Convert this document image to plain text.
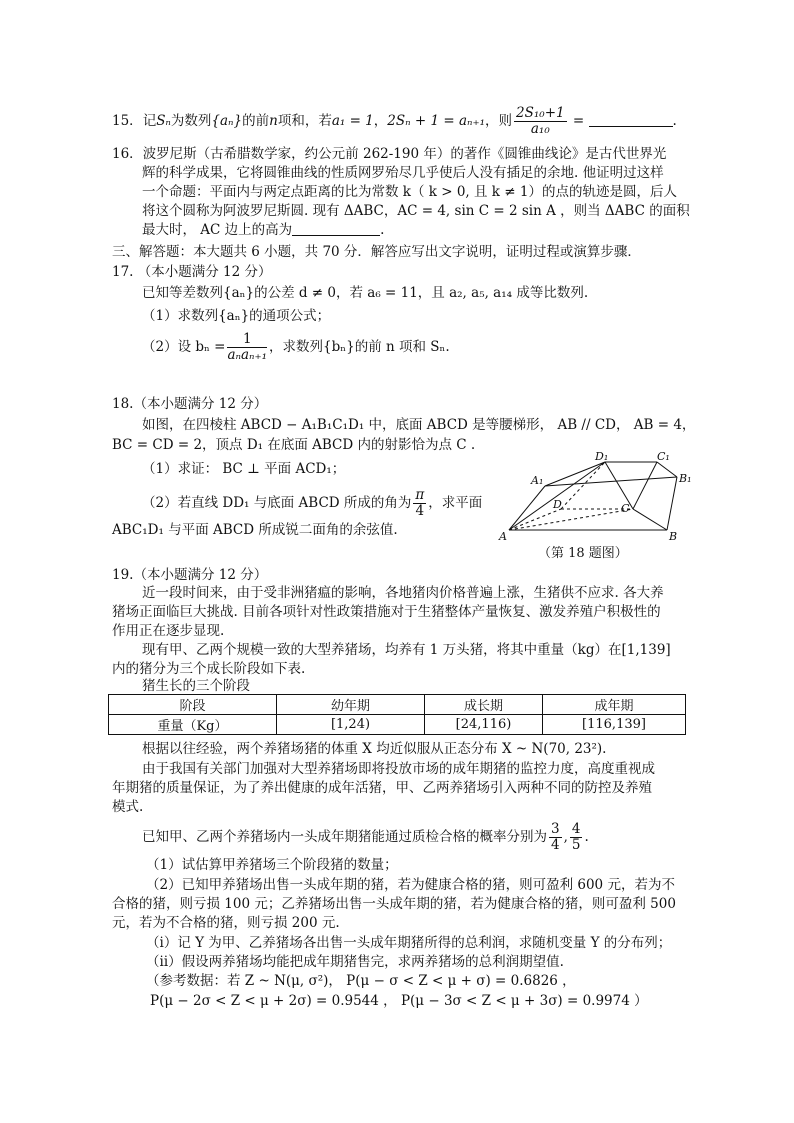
15．记Sₙ为数列{aₙ}的前n项和，若a₁ = 1，2Sₙ + 1 = aₙ₊₁，则 $\frac{\text{2S₁₀+1}}{\text{a₁₀}}$ =	.
16．波罗尼斯（古希腊数学家，约公元前 262-190 年）的著作《圆锥曲线论》是古代世界光
辉的科学成果，它将圆锥曲线的性质网罗殆尽几乎使后人没有插足的余地. 他证明过这样
一个命题：平面内与两定点距离的比为常数 k（ k > 0, 且 k ≠ 1）的点的轨迹是圆，后人
将这个圆称为阿波罗尼斯圆. 现有 ΔABC，AC = 4, sin C = 2 sin A ，则当 ΔABC 的面积
最大时， AC 边上的高为	.
三、解答题：本大题共 6 小题，共 70 分．解答应写出文字说明，证明过程或演算步骤．
17. （本小题满分 12 分）
已知等差数列{aₙ}的公差 d ≠ 0，若 a₆ = 11，且 a₂, a₅, a₁₄ 成等比数列.
（1）求数列{aₙ}的通项公式；
（2）设 $b_n = \frac{1}{\text{aₙaₙ₊₁}}$ ，求数列{bₙ}的前 n 项和 Sₙ.
18.（本小题满分 12 分）
如图，在四棱柱 ABCD − A₁B₁C₁D₁ 中，底面 ABCD 是等腰梯形， AB // CD， AB = 4，
BC = CD = 2，顶点 D₁ 在底面 ABCD 内的射影恰为点 C .
（1）求证： BC ⊥ 平面 ACD₁；
（2）若直线 DD₁ 与底面 ABCD 所成的角为 $\frac{\pi}{4}$ ，求平面
ABC₁D₁ 与平面 ABCD 所成锐二面角的余弦值.	A	B
C
D
A₁	B₁
C₁
D₁
（第 18 题图）
19.（本小题满分 12 分）
近一段时间来，由于受非洲猪瘟的影响，各地猪肉价格普遍上涨，生猪供不应求. 各大养
猪场正面临巨大挑战. 目前各项针对性政策措施对于生猪整体产量恢复、激发养殖户积极性的
作用正在逐步显现.
现有甲、乙两个规模一致的大型养猪场，均养有 1 万头猪，将其中重量（kg）在[1,139]
内的猪分为三个成长阶段如下表.
猪生长的三个阶段
阶段	幼年期	成长期	成年期
重量（Kg）	[1,24)	[24,116)	[116,139]
根据以往经验，两个养猪场猪的体重 X 均近似服从正态分布 X ~ N(70, 23²).
由于我国有关部门加强对大型养猪场即将投放市场的成年期猪的监控力度，高度重视成
年期猪的质量保证，为了养出健康的成年活猪，甲、乙两养猪场引入两种不同的防控及养殖
模式.
已知甲、乙两个养猪场内一头成年期猪能通过质检合格的概率分别为 $\frac{3}{4}$ , $\frac{4}{5}$ .
（1）试估算甲养猪场三个阶段猪的数量；
（2）已知甲养猪场出售一头成年期的猪，若为健康合格的猪，则可盈利 600 元，若为不
合格的猪，则亏损 100 元；乙养猪场出售一头成年期的猪，若为健康合格的猪，则可盈利 500
元，若为不合格的猪，则亏损 200 元.
（ⅰ）记 Y 为甲、乙养猪场各出售一头成年期猪所得的总利润，求随机变量 Y 的分布列；
（ⅱ）假设两养猪场均能把成年期猪售完，求两养猪场的总利润期望值.
（参考数据：若 Z ~ N(μ, σ²)， P(μ − σ < Z < μ + σ) = 0.6826 ，
P(μ − 2σ < Z < μ + 2σ) = 0.9544 ， P(μ − 3σ < Z < μ + 3σ) = 0.9974 ）
